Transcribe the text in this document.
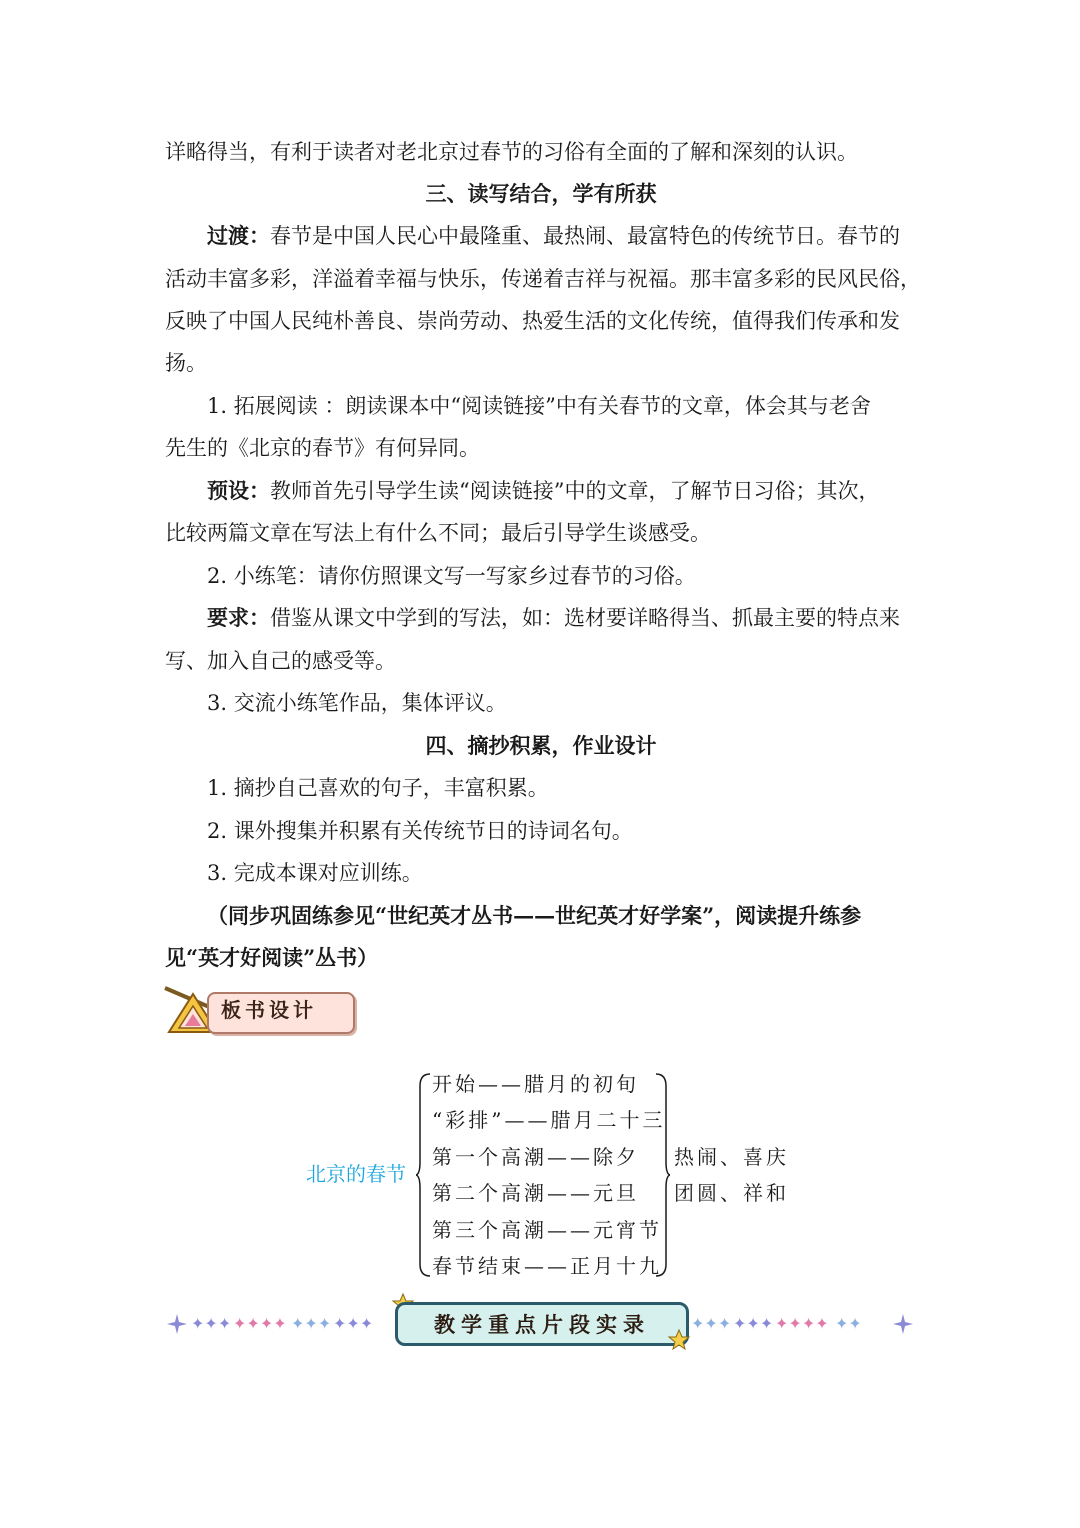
详略得当，有利于读者对老北京过春节的习俗有全面的了解和深刻的认识。
三、读写结合，学有所获
过渡：春节是中国人民心中最隆重、最热闹、最富特色的传统节日。春节的
活动丰富多彩，洋溢着幸福与快乐，传递着吉祥与祝福。那丰富多彩的民风民俗，
反映了中国人民纯朴善良、崇尚劳动、热爱生活的文化传统，值得我们传承和发
扬。
1. 拓展阅读 ：朗读课本中“阅读链接”中有关春节的文章，体会其与老舍
先生的《北京的春节》有何异同。
预设：教师首先引导学生读“阅读链接”中的文章，了解节日习俗；其次，
比较两篇文章在写法上有什么不同；最后引导学生谈感受。
2. 小练笔：请你仿照课文写一写家乡过春节的习俗。
要求：借鉴从课文中学到的写法，如：选材要详略得当、抓最主要的特点来
写、加入自己的感受等。
3. 交流小练笔作品，集体评议。
四、摘抄积累，作业设计
1. 摘抄自己喜欢的句子，丰富积累。
2. 课外搜集并积累有关传统节日的诗词名句。
3. 完成本课对应训练。
（同步巩固练参见“世纪英才丛书——世纪英才好学案”，阅读提升练参
见“英才好阅读”丛书）
板书设计
北京的春节
开始——腊月的初旬
“彩排”——腊月二十三
第一个高潮——除夕
第二个高潮——元旦
第三个高潮——元宵节
春节结束——正月十九
热闹、喜庆
团圆、祥和
✦✦✦ ✦✦✦✦ ✦✦✦ ✦✦✦	教学重点片段实录	✦✦✦ ✦✦✦ ✦✦✦✦ ✦✦
